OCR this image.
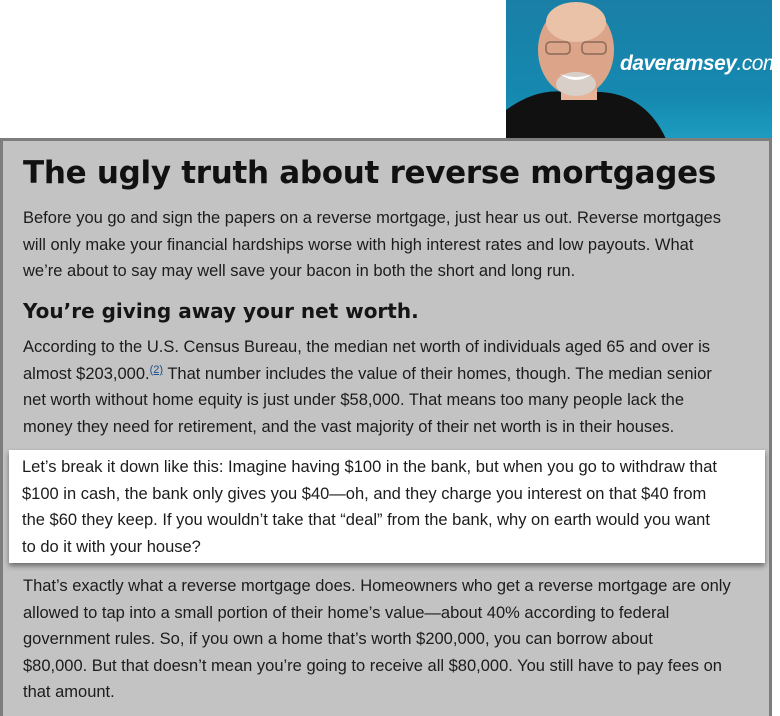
daveramsey.com
The ugly truth about reverse mortgages
Before you go and sign the papers on a reverse mortgage, just hear us out. Reverse mortgages
will only make your financial hardships worse with high interest rates and low payouts. What
we’re about to say may well save your bacon in both the short and long run.
You’re giving away your net worth.
According to the U.S. Census Bureau, the median net worth of individuals aged 65 and over is
almost $203,000.$^{(2)}$ That number includes the value of their homes, though. The median senior
net worth without home equity is just under $58,000. That means too many people lack the
money they need for retirement, and the vast majority of their net worth is in their houses.
Let’s break it down like this: Imagine having $100 in the bank, but when you go to withdraw that
$100 in cash, the bank only gives you $40—oh, and they charge you interest on that $40 from
the $60 they keep. If you wouldn’t take that “deal” from the bank, why on earth would you want
to do it with your house?
That’s exactly what a reverse mortgage does. Homeowners who get a reverse mortgage are only
allowed to tap into a small portion of their home’s value—about 40% according to federal
government rules. So, if you own a home that’s worth $200,000, you can borrow about
$80,000. But that doesn’t mean you’re going to receive all $80,000. You still have to pay fees on
that amount.
